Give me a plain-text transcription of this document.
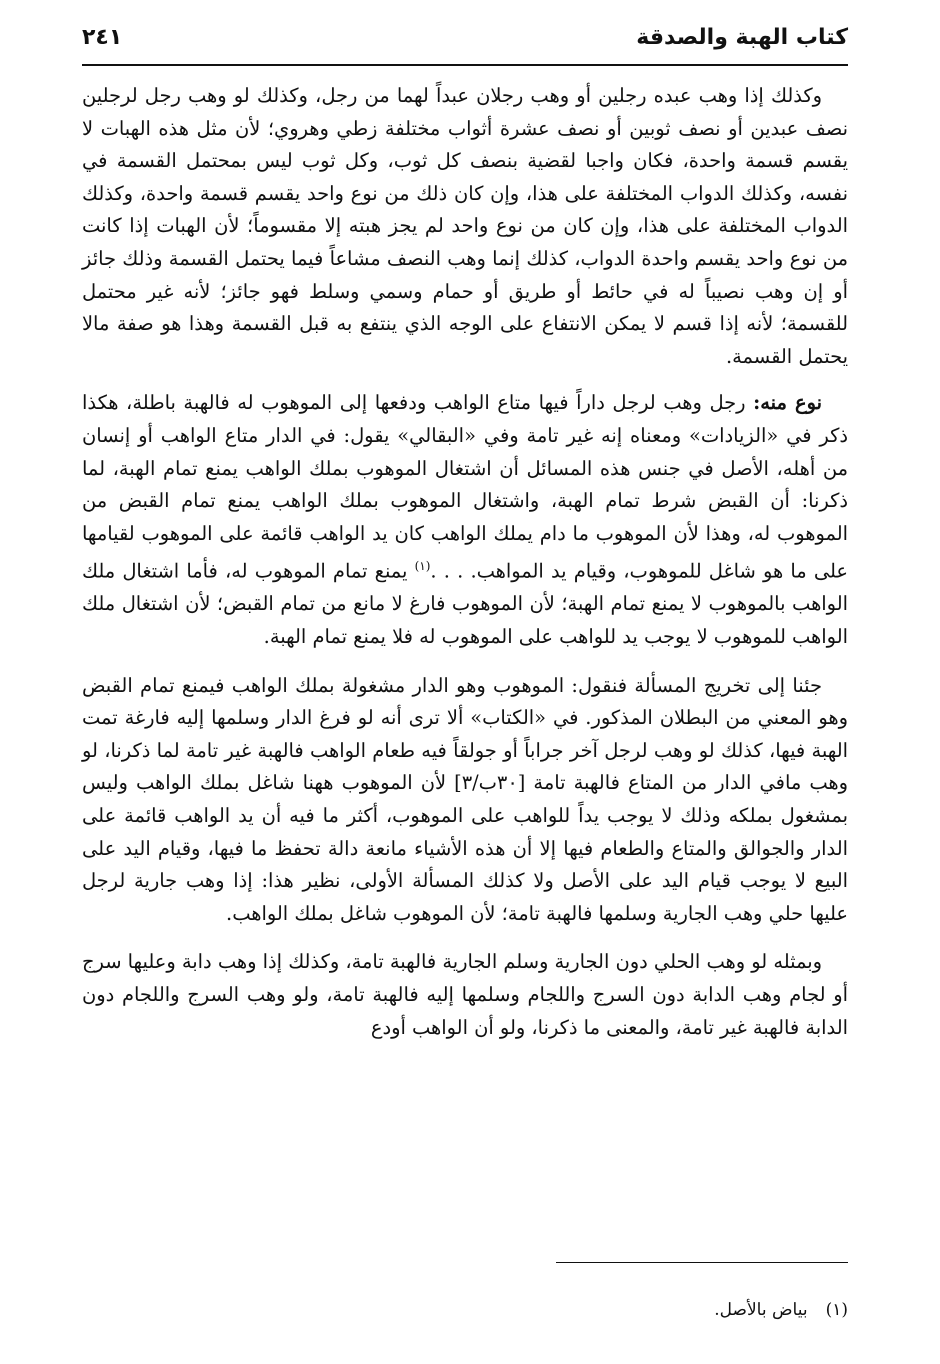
كتاب الهبة والصدقة
٢٤١

وكذلك إذا وهب عبده رجلين أو وهب رجلان عبداً لهما من رجل، وكذلك لو وهب رجل لرجلين نصف عبدين أو نصف ثوبين أو نصف عشرة أثواب مختلفة زطي وهروي؛ لأن مثل هذه الهبات لا يقسم قسمة واحدة، فكان واجبا لقضية بنصف كل ثوب، وكل ثوب ليس بمحتمل القسمة في نفسه، وكذلك الدواب المختلفة على هذا، وإن كان ذلك من نوع واحد يقسم قسمة واحدة، وكذلك الدواب المختلفة على هذا، وإن كان من نوع واحد لم يجز هبته إلا مقسوماً؛ لأن الهبات إذا كانت من نوع واحد يقسم واحدة الدواب، كذلك إنما وهب النصف مشاعاً فيما يحتمل القسمة وذلك جائز أو إن وهب نصيباً له في حائط أو طريق أو حمام وسمي وسلط فهو جائز؛ لأنه غير محتمل للقسمة؛ لأنه إذا قسم لا يمكن الانتفاع على الوجه الذي ينتفع به قبل القسمة وهذا هو صفة مالا يحتمل القسمة.

نوع منه: رجل وهب لرجل داراً فيها متاع الواهب ودفعها إلى الموهوب له فالهبة باطلة، هكذا ذكر في «الزيادات» ومعناه إنه غير تامة وفي «البقالي» يقول: في الدار متاع الواهب أو إنسان من أهله، الأصل في جنس هذه المسائل أن اشتغال الموهوب بملك الواهب يمنع تمام الهبة، لما ذكرنا: أن القبض شرط تمام الهبة، واشتغال الموهوب بملك الواهب يمنع تمام القبض من الموهوب له، وهذا لأن الموهوب ما دام يملك الواهب كان يد الواهب قائمة على الموهوب لقيامها على ما هو شاغل للموهوب، وقيام يد المواهب. . . .$^{(١)}$ يمنع تمام الموهوب له، فأما اشتغال ملك الواهب بالموهوب لا يمنع تمام الهبة؛ لأن الموهوب فارغ لا مانع من تمام القبض؛ لأن اشتغال ملك الواهب للموهوب لا يوجب يد للواهب على الموهوب له فلا يمنع تمام الهبة.

جئنا إلى تخريج المسألة فنقول: الموهوب وهو الدار مشغولة بملك الواهب فيمنع تمام القبض وهو المعني من البطلان المذكور. في «الكتاب» ألا ترى أنه لو فرغ الدار وسلمها إليه فارغة تمت الهبة فيها، كذلك لو وهب لرجل آخر جراباً أو جولقاً فيه طعام الواهب فالهبة غير تامة لما ذكرنا، لو وهب مافي الدار من المتاع فالهبة تامة [٣٠ب/٣] لأن الموهوب ههنا شاغل بملك الواهب وليس بمشغول بملكه وذلك لا يوجب يداً للواهب على الموهوب، أكثر ما فيه أن يد الواهب قائمة على الدار والجوالق والمتاع والطعام فيها إلا أن هذه الأشياء مانعة دالة تحفظ ما فيها، وقيام اليد على البيع لا يوجب قيام اليد على الأصل ولا كذلك المسألة الأولى، نظير هذا: إذا وهب جارية لرجل عليها حلي وهب الجارية وسلمها فالهبة تامة؛ لأن الموهوب شاغل بملك الواهب.

وبمثله لو وهب الحلي دون الجارية وسلم الجارية فالهبة تامة، وكذلك إذا وهب دابة وعليها سرج أو لجام وهب الدابة دون السرج واللجام وسلمها إليه فالهبة تامة، ولو وهب السرج واللجام دون الدابة فالهبة غير تامة، والمعنى ما ذكرنا، ولو أن الواهب أودع

(١)بياض بالأصل.
